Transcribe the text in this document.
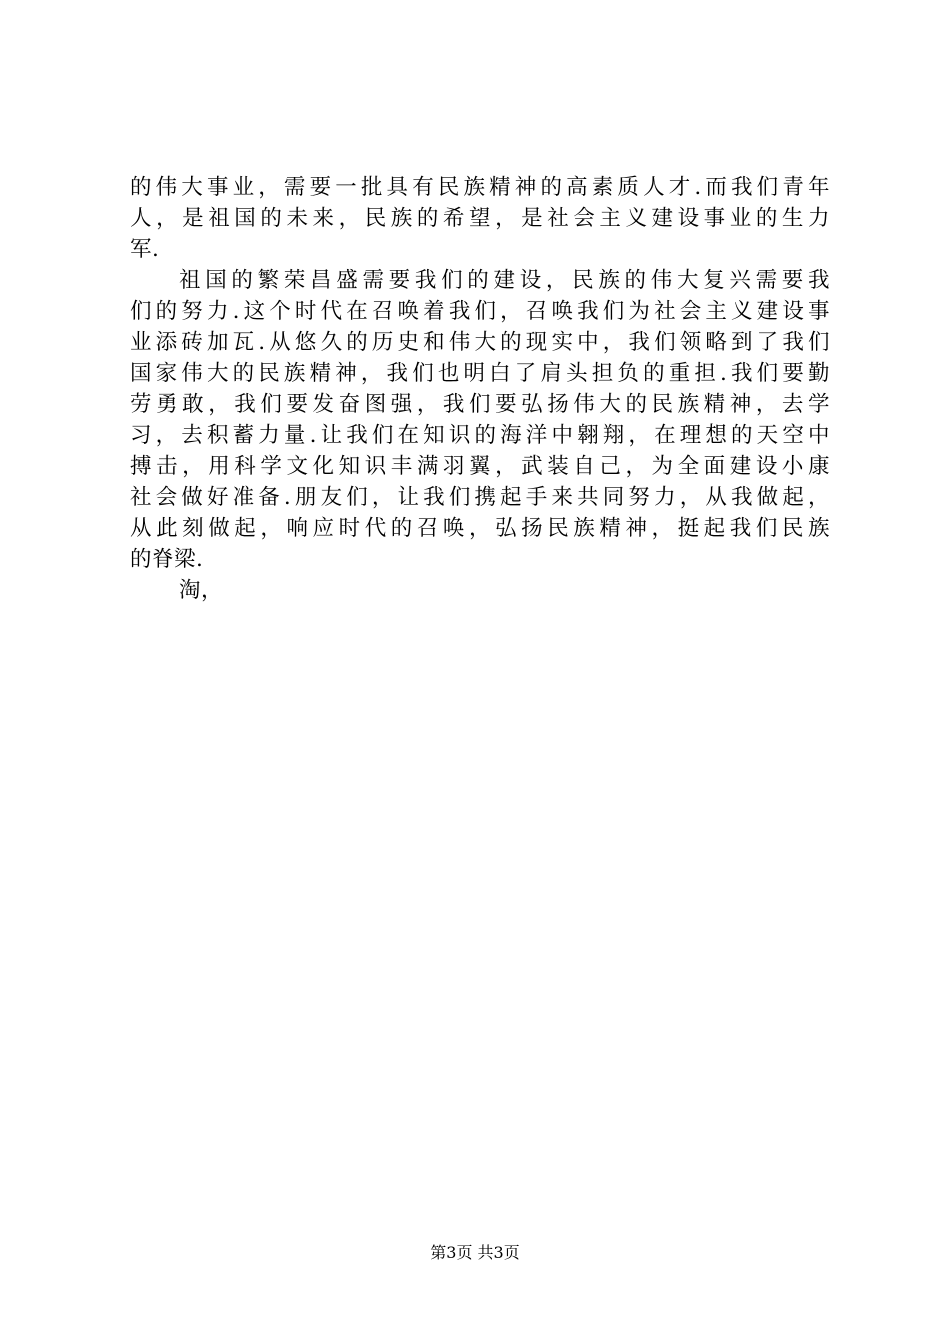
的伟大事业，需要一批具有民族精神的高素质人才.而我们青年
人，是祖国的未来，民族的希望，是社会主义建设事业的生力
军.
祖国的繁荣昌盛需要我们的建设，民族的伟大复兴需要我
们的努力.这个时代在召唤着我们，召唤我们为社会主义建设事
业添砖加瓦.从悠久的历史和伟大的现实中，我们领略到了我们
国家伟大的民族精神，我们也明白了肩头担负的重担.我们要勤
劳勇敢，我们要发奋图强，我们要弘扬伟大的民族精神，去学
习，去积蓄力量.让我们在知识的海洋中翱翔，在理想的天空中
搏击，用科学文化知识丰满羽翼，武装自己，为全面建设小康
社会做好准备.朋友们，让我们携起手来共同努力，从我做起，
从此刻做起，响应时代的召唤，弘扬民族精神，挺起我们民族
的脊梁.
淘，
第3页 共3页
